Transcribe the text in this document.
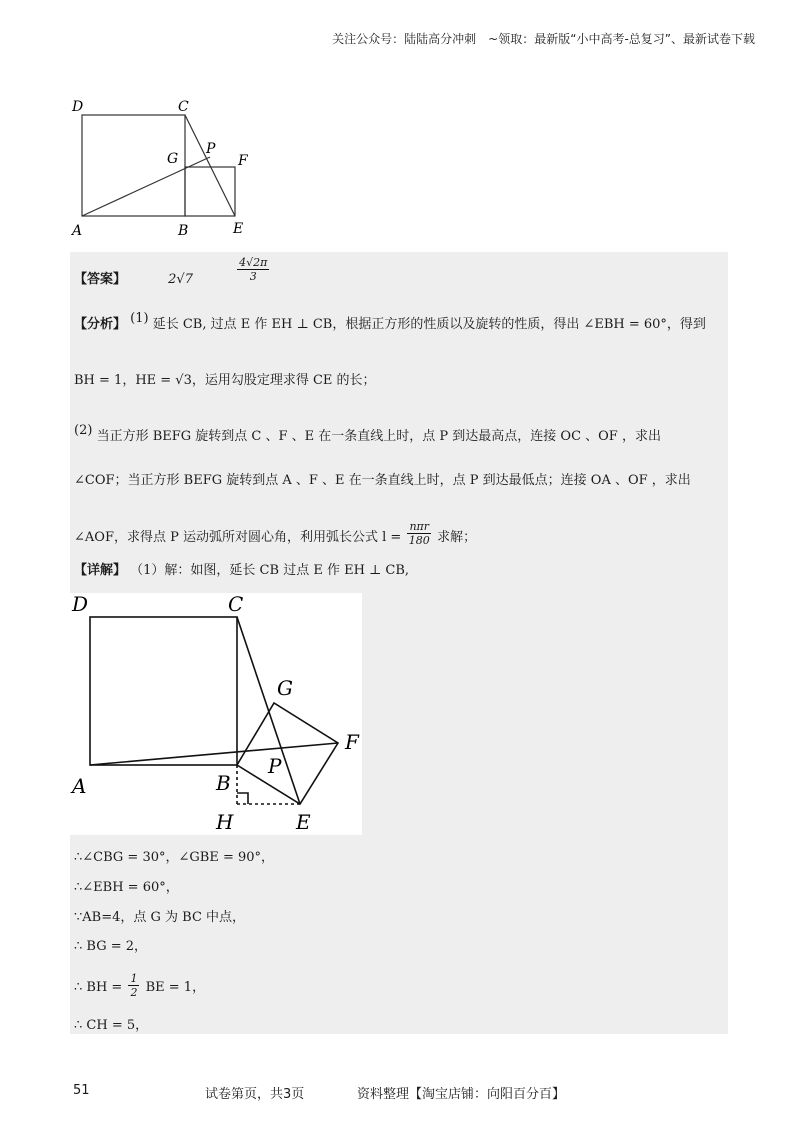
关注公众号：陆陆高分冲刺　~领取：最新版“小中高考-总复习”、最新试卷下载
D	C
G
P
F
A	B	E
【答案】	2√7	$\frac{4√2\pi}{3}$
【分析】 (1) 延长 CB, 过点 E 作 EH ⊥ CB，根据正方形的性质以及旋转的性质，得出 ∠EBH = 60°，得到
BH = 1，HE = √3，运用勾股定理求得 CE 的长；
(2) 当正方形 BEFG 旋转到点 C 、F 、E 在一条直线上时，点 P 到达最高点，连接 OC 、OF ，求出
∠COF；当正方形 BEFG 旋转到点 A 、F 、E 在一条直线上时，点 P 到达最低点；连接 OA 、OF ，求出
∠AOF，求得点 P 运动弧所对圆心角，利用弧长公式 $l = \frac{\text{nπr}}{180}$ 求解；
【详解】 （1）解：如图，延长 CB 过点 E 作 EH ⊥ CB,
D	C
G
F
P
A	B
H	E
∴∠CBG = 30°，∠GBE = 90°，
∴∠EBH = 60°，
∵AB=4，点 G 为 BC 中点，
∴ BG = 2，
∴ BH = $\frac{1}{2}$ BE = 1，
∴ CH = 5，
51	试卷第页，共3页	资料整理【淘宝店铺：向阳百分百】
